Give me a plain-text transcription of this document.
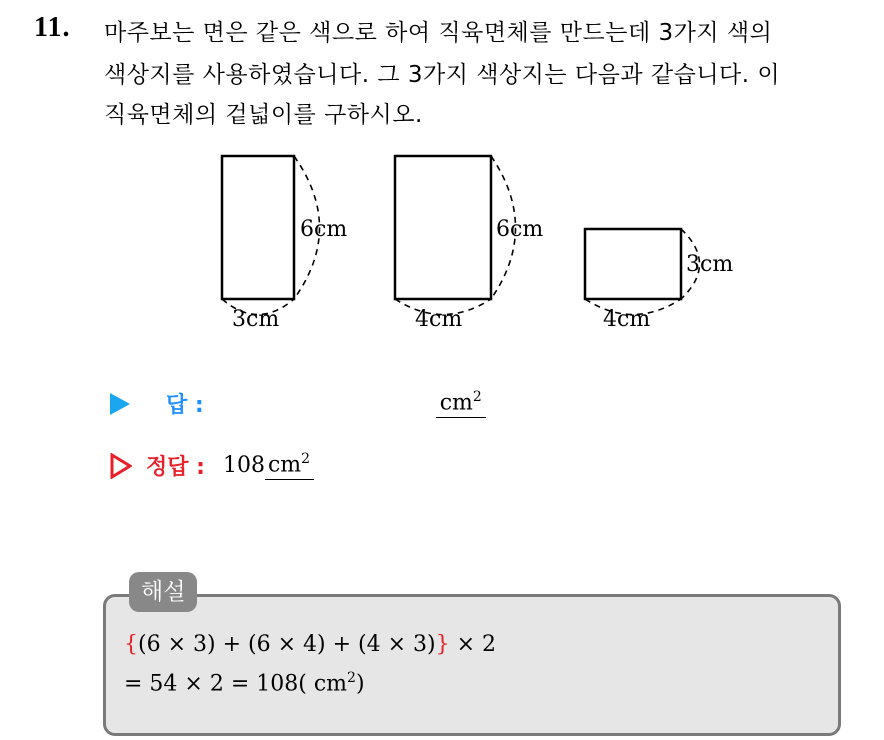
11. 마주보는 면은 같은 색으로 하여 직육면체를 만드는데 3가지 색의
색상지를 사용하였습니다. 그 3가지 색상지는 다음과 같습니다. 이
직육면체의 겉넓이를 구하시오.
6cm
3cm
6cm
4cm
3cm
4cm
답 :	$cm^2$
정답 : 108 $cm^2$
해설
{(6 × 3) + (6 × 4) + (4 × 3)} × 2
= 54 × 2 = 108( $cm^2$)
